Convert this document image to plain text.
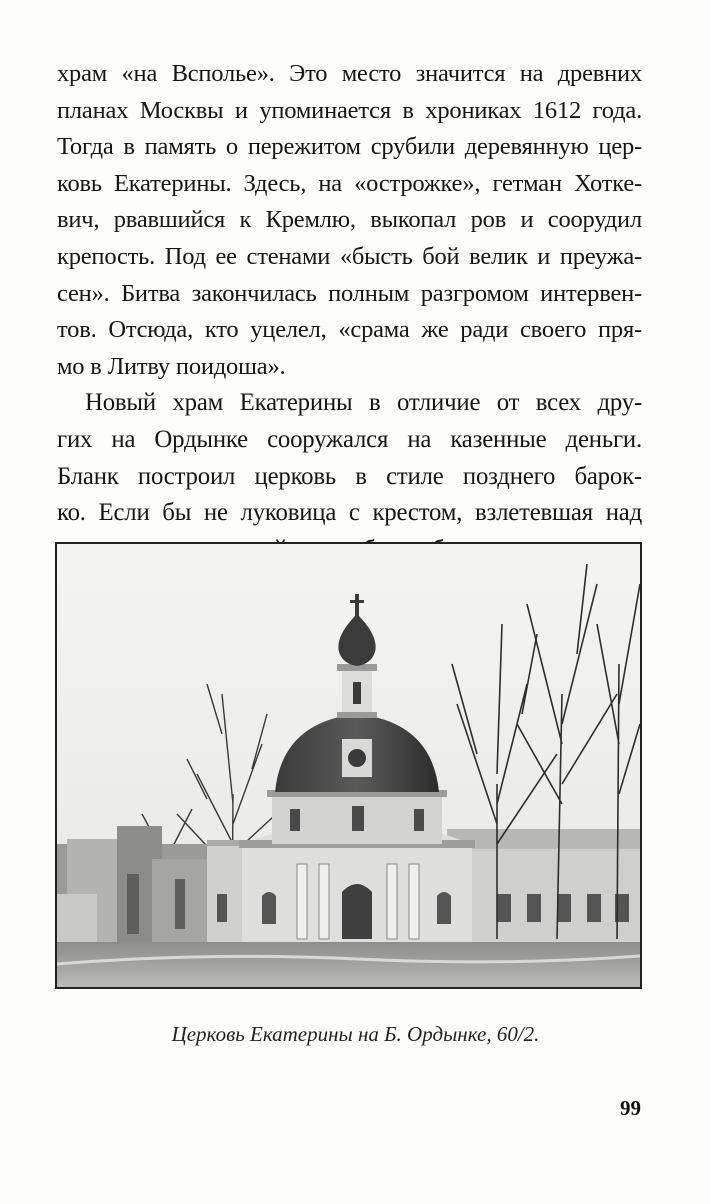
храм «на Всполье». Это место значится на древних
планах Москвы и упоминается в хрониках 1612 года.
Тогда в память о пережитом срубили деревянную цер-
ковь Екатерины. Здесь, на «острожке», гетман Хотке-
вич, рвавшийся к Кремлю, выкопал ров и соорудил
крепость. Под ее стенами «бысть бой велик и преужа-
сен». Битва закончилась полным разгромом интервен-
тов. Отсюда, кто уцелел, «срама же ради своего пря-
мо в Литву поидоша».

Новый храм Екатерины в отличие от всех дру-
гих на Ордынке сооружался на казенные деньги.
Бланк построил церковь в стиле позднего барок-
ко. Если бы не луковица с крестом, взлетевшая над

Церковь Екатерины на Б. Ордынке, 60/2.
99
